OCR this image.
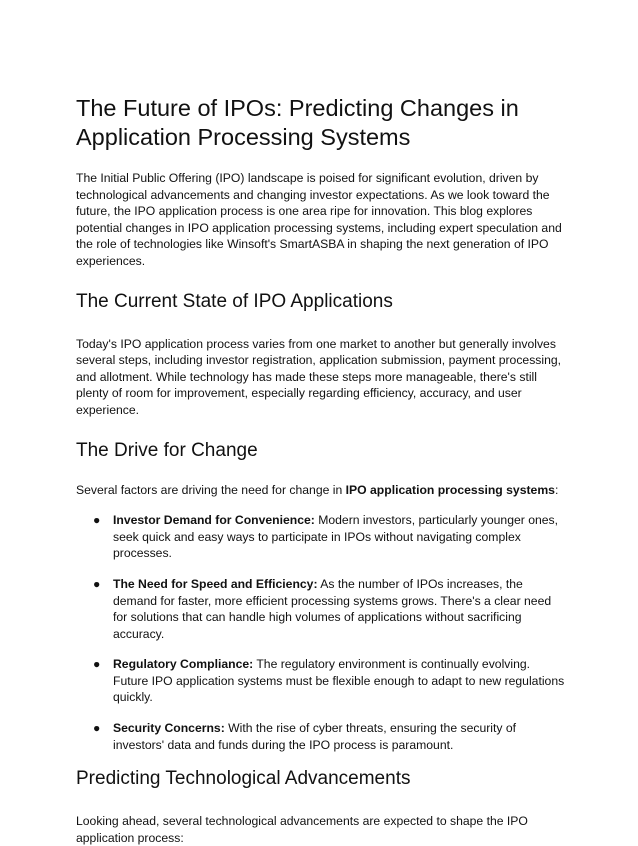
The Future of IPOs: Predicting Changes in Application Processing Systems

The Initial Public Offering (IPO) landscape is poised for significant evolution, driven by technological advancements and changing investor expectations. As we look toward the future, the IPO application process is one area ripe for innovation. This blog explores potential changes in IPO application processing systems, including expert speculation and the role of technologies like Winsoft's SmartASBA in shaping the next generation of IPO experiences.

The Current State of IPO Applications

Today's IPO application process varies from one market to another but generally involves several steps, including investor registration, application submission, payment processing, and allotment. While technology has made these steps more manageable, there's still plenty of room for improvement, especially regarding efficiency, accuracy, and user experience.

The Drive for Change

Several factors are driving the need for change in IPO application processing systems:

● Investor Demand for Convenience: Modern investors, particularly younger ones, seek quick and easy ways to participate in IPOs without navigating complex processes.
● The Need for Speed and Efficiency: As the number of IPOs increases, the demand for faster, more efficient processing systems grows. There's a clear need for solutions that can handle high volumes of applications without sacrificing accuracy.
● Regulatory Compliance: The regulatory environment is continually evolving. Future IPO application systems must be flexible enough to adapt to new regulations quickly.
● Security Concerns: With the rise of cyber threats, ensuring the security of investors' data and funds during the IPO process is paramount.
Predicting Technological Advancements

Looking ahead, several technological advancements are expected to shape the IPO application process:
